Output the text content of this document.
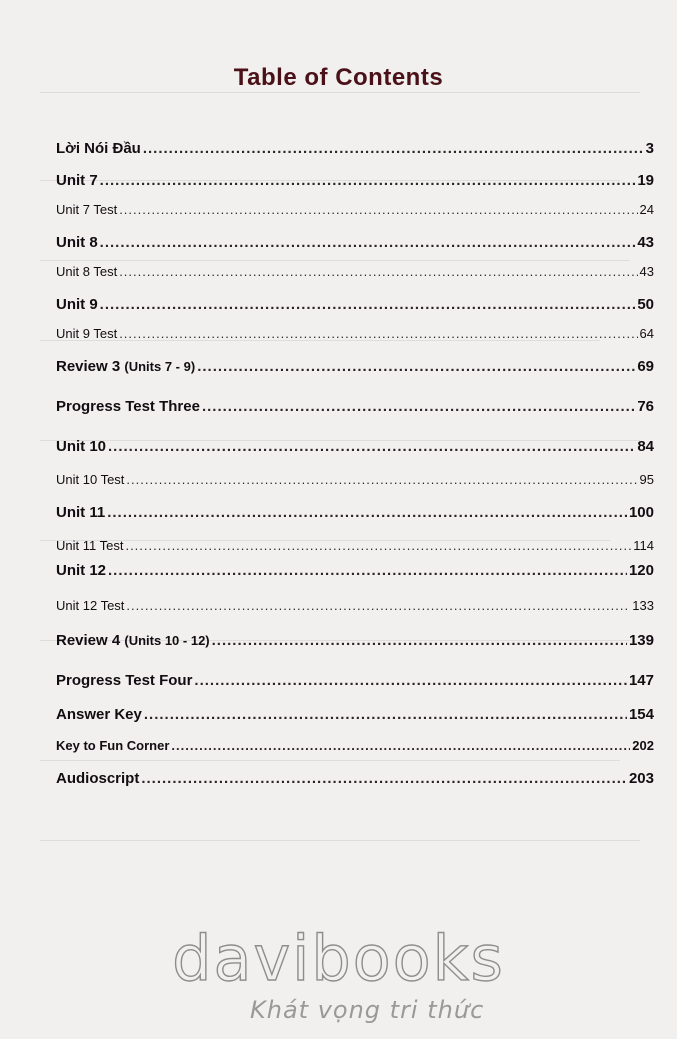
Table of Contents
Lời Nói Đầu .....	3
Unit 7 .....	19
Unit 7 Test .....	24
Unit 8 .....	43
Unit 8 Test .....	43
Unit 9 .....	50
Unit 9 Test .....	64
Review 3 (Units 7 - 9) .....	69
Progress Test Three .....	76
Unit 10 .....	84
Unit 10 Test .....	95
Unit 11 .....	100
Unit 11 Test .....	114
Unit 12 .....	120
Unit 12 Test .....	133
Review 4 (Units 10 - 12) .....	139
Progress Test Four .....	147
Answer Key .....	154
Key to Fun Corner .....	202
Audioscript .....	203
davibooks
Khát vọng tri thức
